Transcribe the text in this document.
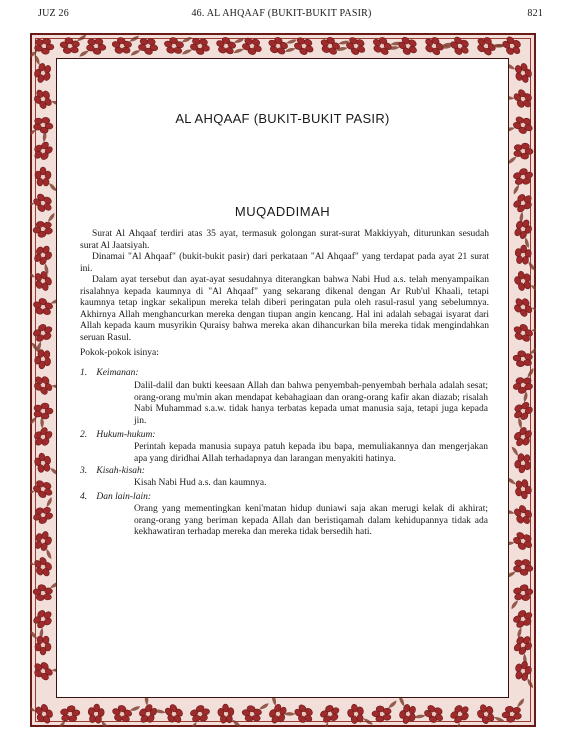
JUZ 26	46. AL AHQAAF (BUKIT-BUKIT PASIR)	821
AL AHQAAF (BUKIT-BUKIT PASIR)
MUQADDIMAH

Surat Al Ahqaaf terdiri atas 35 ayat, termasuk golongan surat-surat Makkiyyah, diturunkan sesudah surat Al Jaatsiyah.

Dinamai "Al Ahqaaf" (bukit-bukit pasir) dari perkataan "Al Ahqaaf" yang terdapat pada ayat 21 surat ini.

Dalam ayat tersebut dan ayat-ayat sesudahnya diterangkan bahwa Nabi Hud a.s. telah menyampaikan risalahnya kepada kaumnya di "Al Ahqaaf" yang sekarang dikenal dengan Ar Rub'ul Khaali, tetapi kaumnya tetap ingkar sekalipun mereka telah diberi peringatan pula oleh rasul-rasul yang sebelumnya. Akhirnya Allah menghancurkan mereka dengan tiupan angin kencang. Hal ini adalah sebagai isyarat dari Allah kepada kaum musyrikin Quraisy bahwa mereka akan dihancurkan bila mereka tidak mengindahkan seruan Rasul.

Pokok-pokok isinya:
1. Keimanan:
Dalil-dalil dan bukti keesaan Allah dan bahwa penyembah-penyembah berhala adalah sesat; orang-orang mu'min akan mendapat kebahagiaan dan orang-orang kafir akan diazab; risalah Nabi Muhammad s.a.w. tidak hanya terbatas kepada umat manusia saja, tetapi juga kepada jin.
2. Hukum-hukum:
Perintah kepada manusia supaya patuh kepada ibu bapa, memuliakannya dan mengerjakan apa yang diridhai Allah terhadapnya dan larangan menyakiti hatinya.
3. Kisah-kisah:
Kisah Nabi Hud a.s. dan kaumnya.
4. Dan lain-lain:
Orang yang mementingkan keni'matan hidup duniawi saja akan merugi kelak di akhirat; orang-orang yang beriman kepada Allah dan beristiqamah dalam kehidupannya tidak ada kekhawatiran terhadap mereka dan mereka tidak bersedih hati.
